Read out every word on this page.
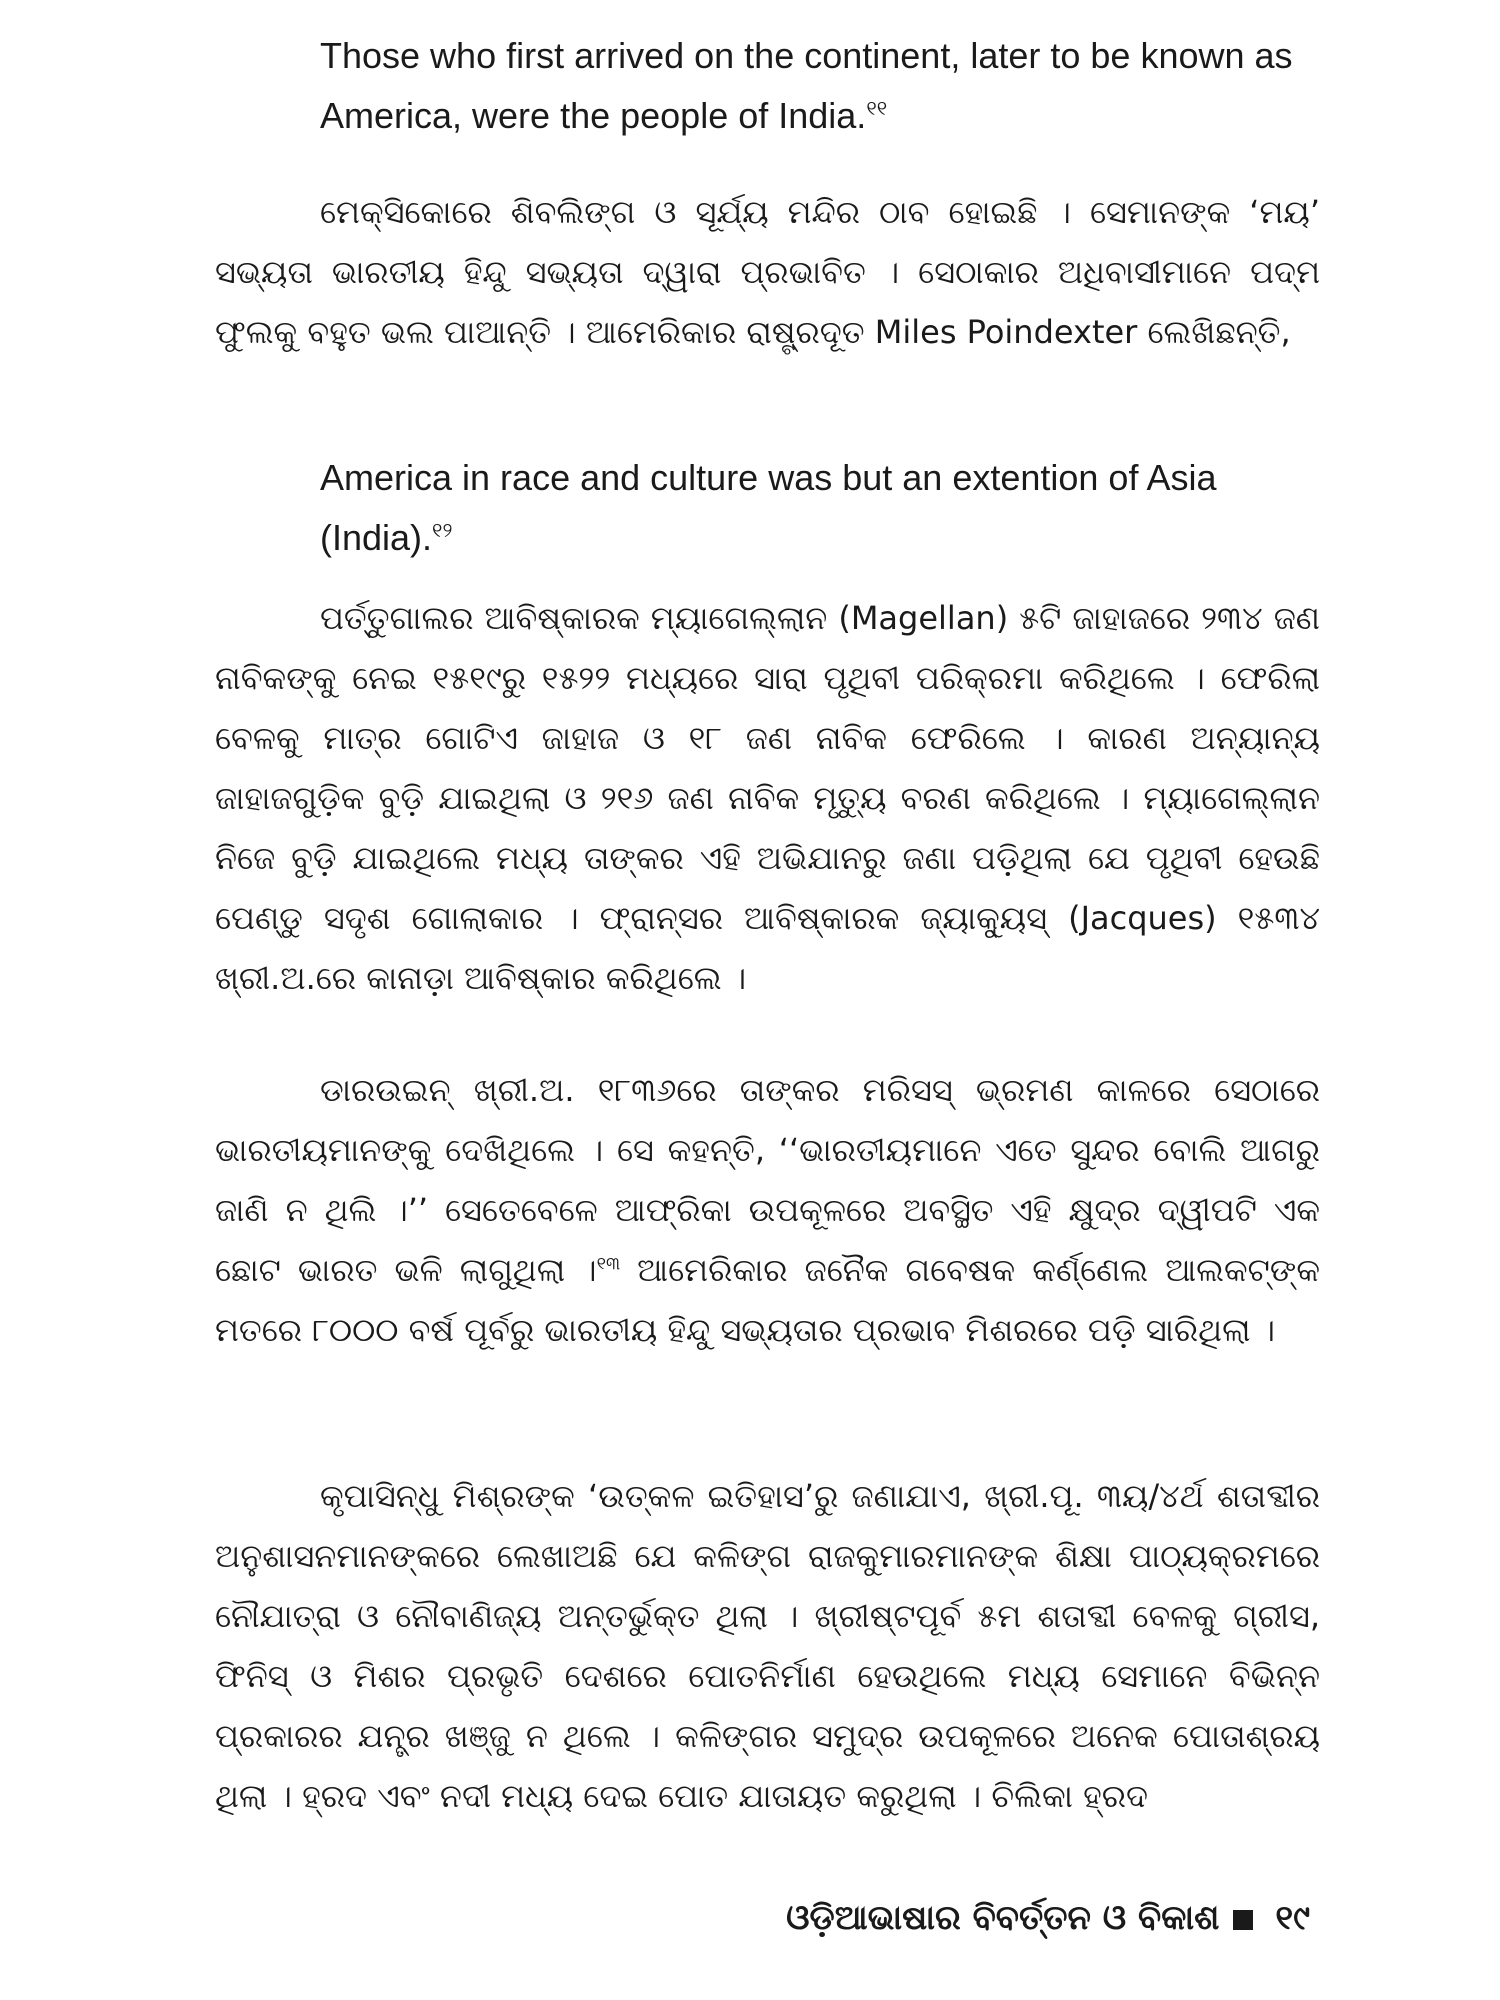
Those who first arrived on the continent, later to be known as America, were the people of India.$^{୧୧}$
ମେକ୍‌ସିକୋରେ ଶିବଲିଙ୍ଗ ଓ ସୂର୍ଯ୍ୟ ମନ୍ଦିର ଠାବ ହୋଇଛି । ସେମାନଙ୍କ ‘ମୟ’ ସଭ୍ୟତା ଭାରତୀୟ ହିନ୍ଦୁ ସଭ୍ୟତା ଦ୍ୱାରା ପ୍ରଭାବିତ । ସେଠାକାର ଅଧିବାସୀମାନେ ପଦ୍ମ ଫୁଲକୁ ବହୁତ ଭଲ ପାଆନ୍ତି । ଆମେରିକାର ରାଷ୍ଟ୍ରଦୂତ Miles Poindexter ଲେଖିଛନ୍ତି,
America in race and culture was but an extention of Asia (India).$^{୧୨}$
ପର୍ତ୍ତୁଗାଲର ଆବିଷ୍କାରକ ମ୍ୟାଗେଲ୍ଲାନ (Magellan) ୫ଟି ଜାହାଜରେ ୨୩୪ ଜଣ ନାବିକଙ୍କୁ ନେଇ ୧୫୧୯ରୁ ୧୫୨୨ ମଧ୍ୟରେ ସାରା ପୃଥିବୀ ପରିକ୍ରମା କରିଥିଲେ । ଫେରିଲା ବେଳକୁ ମାତ୍ର ଗୋଟିଏ ଜାହାଜ ଓ ୧୮ ଜଣ ନାବିକ ଫେରିଲେ । କାରଣ ଅନ୍ୟାନ୍ୟ ଜାହାଜଗୁଡ଼ିକ ବୁଡ଼ି ଯାଇଥିଲା ଓ ୨୧୬ ଜଣ ନାବିକ ମୃତ୍ୟୁ ବରଣ କରିଥିଲେ । ମ୍ୟାଗେଲ୍ଲାନ ନିଜେ ବୁଡ଼ି ଯାଇଥିଲେ ମଧ୍ୟ ତାଙ୍କର ଏହି ଅଭିଯାନରୁ ଜଣା ପଡ଼ିଥିଲା ଯେ ପୃଥିବୀ ହେଉଛି ପେଣ୍ଡୁ ସଦୃଶ ଗୋଲାକାର । ଫ୍ରାନ୍‌ସର ଆବିଷ୍କାରକ ଜ୍ୟାକ୍ୟୁସ୍ (Jacques) ୧୫୩୪ ଖ୍ରୀ.ଅ.ରେ କାନାଡ଼ା ଆବିଷ୍କାର କରିଥିଲେ ।
ଡାରଉଇନ୍ ଖ୍ରୀ.ଅ. ୧୮୩୬ରେ ତାଙ୍କର ମରିସସ୍ ଭ୍ରମଣ କାଳରେ ସେଠାରେ ଭାରତୀୟମାନଙ୍କୁ ଦେଖିଥିଲେ । ସେ କହନ୍ତି, ‘‘ଭାରତୀୟମାନେ ଏତେ ସୁନ୍ଦର ବୋଲି ଆଗରୁ ଜାଣି ନ ଥିଲି ।’’ ସେତେବେଳେ ଆଫ୍ରିକା ଉପକୂଳରେ ଅବସ୍ଥିତ ଏହି କ୍ଷୁଦ୍ର ଦ୍ୱୀପଟି ଏକ ଛୋଟ ଭାରତ ଭଳି ଲାଗୁଥିଲା ।$^{୧୩}$ ଆମେରିକାର ଜନୈକ ଗବେଷକ କର୍ଣ୍ଣେଲ ଆଲକଟ୍‌ଙ୍କ ମତରେ ୮୦୦୦ ବର୍ଷ ପୂର୍ବରୁ ଭାରତୀୟ ହିନ୍ଦୁ ସଭ୍ୟତାର ପ୍ରଭାବ ମିଶରରେ ପଡ଼ି ସାରିଥିଲା ।
କୃପାସିନ୍ଧୁ ମିଶ୍ରଙ୍କ ‘ଉତ୍କଳ ଇତିହାସ’ରୁ ଜଣାଯାଏ, ଖ୍ରୀ.ପୂ. ୩ୟ/୪ର୍ଥ ଶତାବ୍ଦୀର ଅନୁଶାସନମାନଙ୍କରେ ଲେଖାଅଛି ଯେ କଳିଙ୍ଗ ରାଜକୁମାରମାନଙ୍କ ଶିକ୍ଷା ପାଠ୍ୟକ୍ରମରେ ନୌଯାତ୍ରା ଓ ନୌବାଣିଜ୍ୟ ଅନ୍ତର୍ଭୁକ୍ତ ଥିଲା । ଖ୍ରୀଷ୍ଟପୂର୍ବ ୫ମ ଶତାବ୍ଦୀ ବେଳକୁ ଗ୍ରୀସ, ଫିନିସ୍ ଓ ମିଶର ପ୍ରଭୃତି ଦେଶରେ ପୋତନିର୍ମାଣ ହେଉଥିଲେ ମଧ୍ୟ ସେମାନେ ବିଭିନ୍ନ ପ୍ରକାରର ଯନ୍ତ୍ର ଖଞ୍ଜୁ ନ ଥିଲେ । କଳିଙ୍ଗର ସମୁଦ୍ର ଉପକୂଳରେ ଅନେକ ପୋତାଶ୍ରୟ ଥିଲା । ହ୍ରଦ ଏବଂ ନଦୀ ମଧ୍ୟ ଦେଇ ପୋତ ଯାତାୟତ କରୁଥିଲା । ଚିଲିକା ହ୍ରଦ
ଓଡ଼ିଆଭାଷାର ବିବର୍ତ୍ତନ ଓ ବିକାଶ ୧୯
